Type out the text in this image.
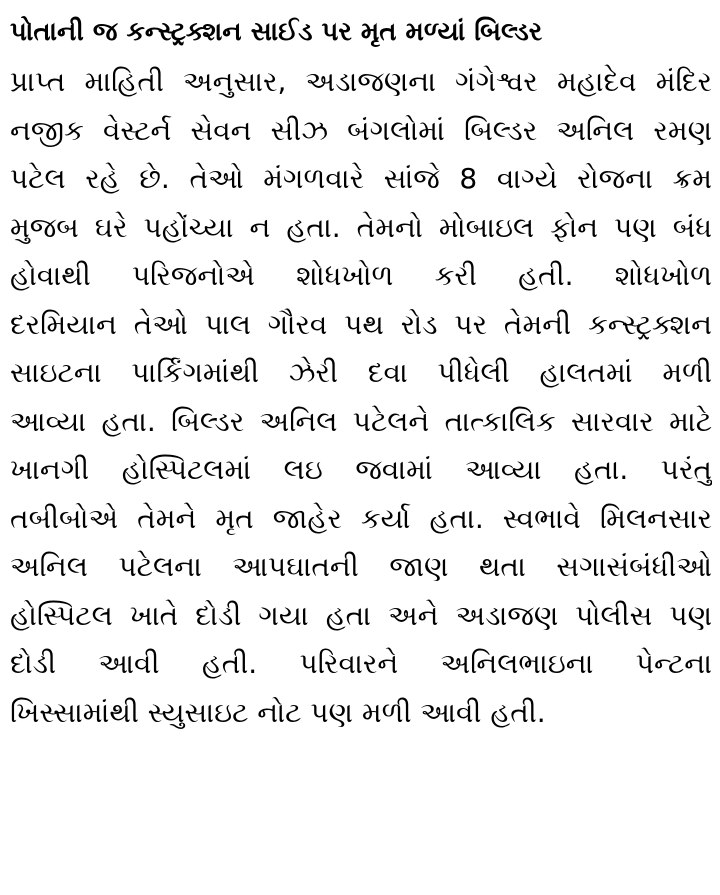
પોતાની જ કન્સ્ટ્રક્શન સાઈડ પર મૃત મળ્યાં બિલ્ડર
પ્રાપ્ત માહિતી અનુસાર, અડાજણના ગંગેશ્વર મહાદેવ મંદિર
નજીક વેસ્ટર્ન સેવન સીઝ બંગલોમાં બિલ્ડર અનિલ રમણ
પટેલ રહે છે. તેઓ મંગળવારે સાંજે 8 વાગ્યે રોજના ક્રમ
મુજબ ઘરે પહોંચ્યા ન હતા. તેમનો મોબાઇલ ફોન પણ બંધ
હોવાથી પરિજનોએ શોધખોળ કરી હતી. શોધખોળ
દરમિયાન તેઓ પાલ ગૌરવ પથ રોડ પર તેમની કન્સ્ટ્રક્શન
સાઇટના પાર્કિંગમાંથી ઝેરી દવા પીધેલી હાલતમાં મળી
આવ્યા હતા. બિલ્ડર અનિલ પટેલને તાત્કાલિક સારવાર માટે
ખાનગી હોસ્પિટલમાં લઇ જવામાં આવ્યા હતા. પરંતુ
તબીબોએ તેમને મૃત જાહેર કર્યા હતા. સ્વભાવે મિલનસાર
અનિલ પટેલના આપઘાતની જાણ થતા સગાસંબંધીઓ
હોસ્પિટલ ખાતે દોડી ગયા હતા અને અડાજણ પોલીસ પણ
દોડી આવી હતી. પરિવારને અનિલભાઇના પેન્ટના
ખિસ્સામાંથી સ્યુસાઇટ નોટ પણ મળી આવી હતી.
